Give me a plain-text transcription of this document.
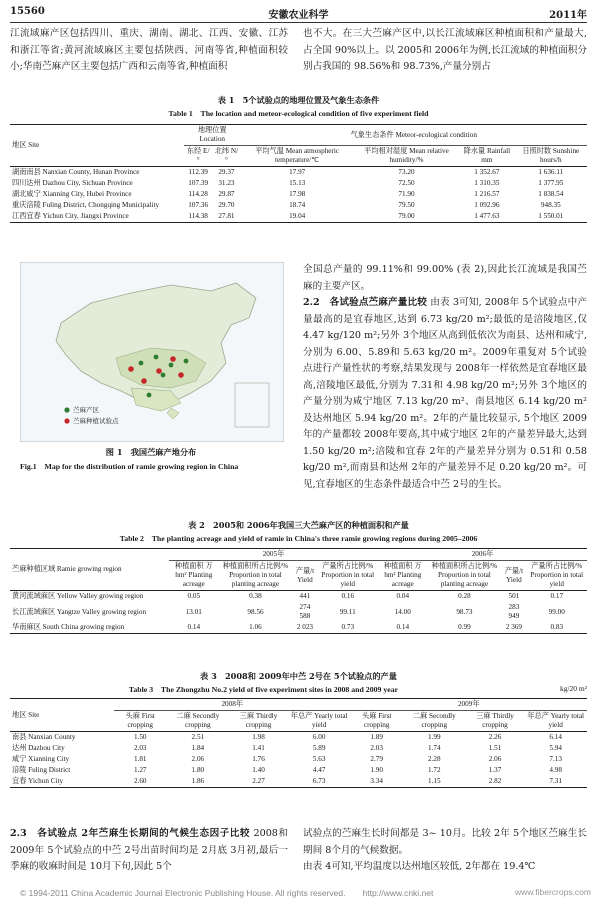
15560	安徽农业科学	2011年
江流域麻产区包括四川、重庆、湖南、湖北、江西、安徽、江苏和浙江等省;黄河流域麻区主要包括陕西、河南等省,种植面积较小;华南苎麻产区主要包括广西和云南等省,种植面积
也不大。在三大苎麻产区中,以长江流域麻区种植面积和产量最大,占全国 90%以上。以 2005和 2006年为例,长江流域的种植面积分别占我国的 98.56%和 98.73%,产量分别占
表 1　5个试验点的地理位置及气象生态条件
Table 1　The location and meteor-ecological condition of five experiment field
地区 Site	地理位置 Location		气象生态条件 Meteor-ecological condition			
	东经 E/°	北纬 N/°	平均气温 Mean atmospheric temperature/℃	平均相对湿度 Mean relative humidity/%	降水量 Rainfall mm	日照时数 Sunshine hours/h
湖南南县 Nanxian County, Hunan Province	112.39	29.37	17.97	73.20	1 352.67	1 636.11
四川达州 Dazhou City, Sichuan Province	107.39	31.23	15.13	72.50	1 310.35	1 377.95
湖北咸宁 Xianning City, Hubei Province	114.28	29.87	17.98	71.90	1 216.57	1 838.54
重庆涪陵 Fuling District, Chongqing Municipality	107.36	29.70	18.74	79.50	1 092.96	948.35
江西宜春 Yichun City, Jiangxi Province	114.38	27.81	19.04	79.00	1 477.63	1 550.01
苎麻产区
苎麻种植试验点
图 1　我国苎麻产地分布
Fig.1　Map for the distribution of ramie growing region in China
全国总产量的 99.11%和 99.00% (表 2),因此长江流域是我国苎麻的主要产区。
2.2　各试验点苎麻产量比较 由表 3可知, 2008年 5个试验点中产量最高的是宜春地区,达到 6.73 kg/20 m²;最低的是涪陵地区,仅 4.47 kg/120 m²;另外 3个地区从高到低依次为南县、达州和咸宁,分别为 6.00、5.89和 5.63 kg/20 m²。2009年重复对 5个试验点进行产量性状的考察,结果发现与 2008年一样依然是宜春地区最高,涪陵地区最低,分别为 7.31和 4.98 kg/20 m²;另外 3个地区的产量分别为咸宁地区 7.13 kg/20 m²、南县地区 6.14 kg/20 m²及达州地区 5.94 kg/20 m²。2年的产量比较显示, 5个地区 2009年的产量都较 2008年要高,其中咸宁地区 2年的产量差异最大,达到 1.50 kg/20 m²;涪陵和宜春 2年的产量差异分别为 0.51和 0.58 kg/20 m²,而南县和达州 2年的产量差异不足 0.20 kg/20 m²。可见,宜春地区的生态条件最适合中苎 2号的生长。
表 2　2005和 2006年我国三大苎麻产区的种植面积和产量
Table 2　The planting acreage and yield of ramie in China's three ramie growing regions during 2005–2006
苎麻种植区域 Ramie growing region	2005年				2006年			
	种植面积 万 hm² Planting acreage	种植面积所占比例/% Proportion in total planting acreage	产量/t Yield	产量所占比例/% Proportion in total yield	种植面积 万 hm² Planting acreage	种植面积所占比例/% Proportion in total planting acreage	产量/t Yield	产量所占比例/% Proportion in total yield
黄河流域麻区 Yellow Valley growing region	0.05	0.38	441	0.16	0.04	0.28	501	0.17
长江流域麻区 Yangtze Valley growing region	13.01	98.56	274 588	99.11	14.00	98.73	283 949	99.00
华南麻区 South China growing region	0.14	1.06	2 023	0.73	0.14	0.99	2 369	0.83
表 3　2008和 2009年中苎 2号在 5个试验点的产量
Table 3　The Zhongzhu No.2 yield of five experiment sites in 2008 and 2009 year	kg/20 m²
地区 Site	2008年				2009年			
	头麻 First cropping	二麻 Secondly cropping	三麻 Thirdly cropping	年总产 Yearly total yield	头麻 First cropping	二麻 Secondly cropping	三麻 Thirdly cropping	年总产 Yearly total yield
南县 Nanxian County	1.50	2.51	1.98	6.00	1.89	1.99	2.26	6.14
达州 Dazhou City	2.03	1.84	1.41	5.89	2.03	1.74	1.51	5.94
咸宁 Xianning City	1.81	2.06	1.76	5.63	2.79	2.28	2.06	7.13
涪陵 Fuling District	1.27	1.80	1.40	4.47	1.90	1.72	1.37	4.98
宜春 Yichun City	2.60	1.86	2.27	6.73	3.34	1.15	2.82	7.31
2.3　各试验点 2年苎麻生长期间的气候生态因子比较 2008和 2009年 5个试验点的中苎 2号出苗时间均是 2月底 3月初,最后一季麻的收麻时间是 10月下旬,因此 5个
试验点的苎麻生长时间都是 3~ 10月。比较 2年 5个地区苎麻生长期间 8个月的气候数据。
由表 4可知,平均温度以达州地区较低, 2年都在 19.4℃
© 1994-2011 China Academic Journal Electronic Publishing House. All rights reserved.　　http://www.cnki.net	www.fibercrops.com
